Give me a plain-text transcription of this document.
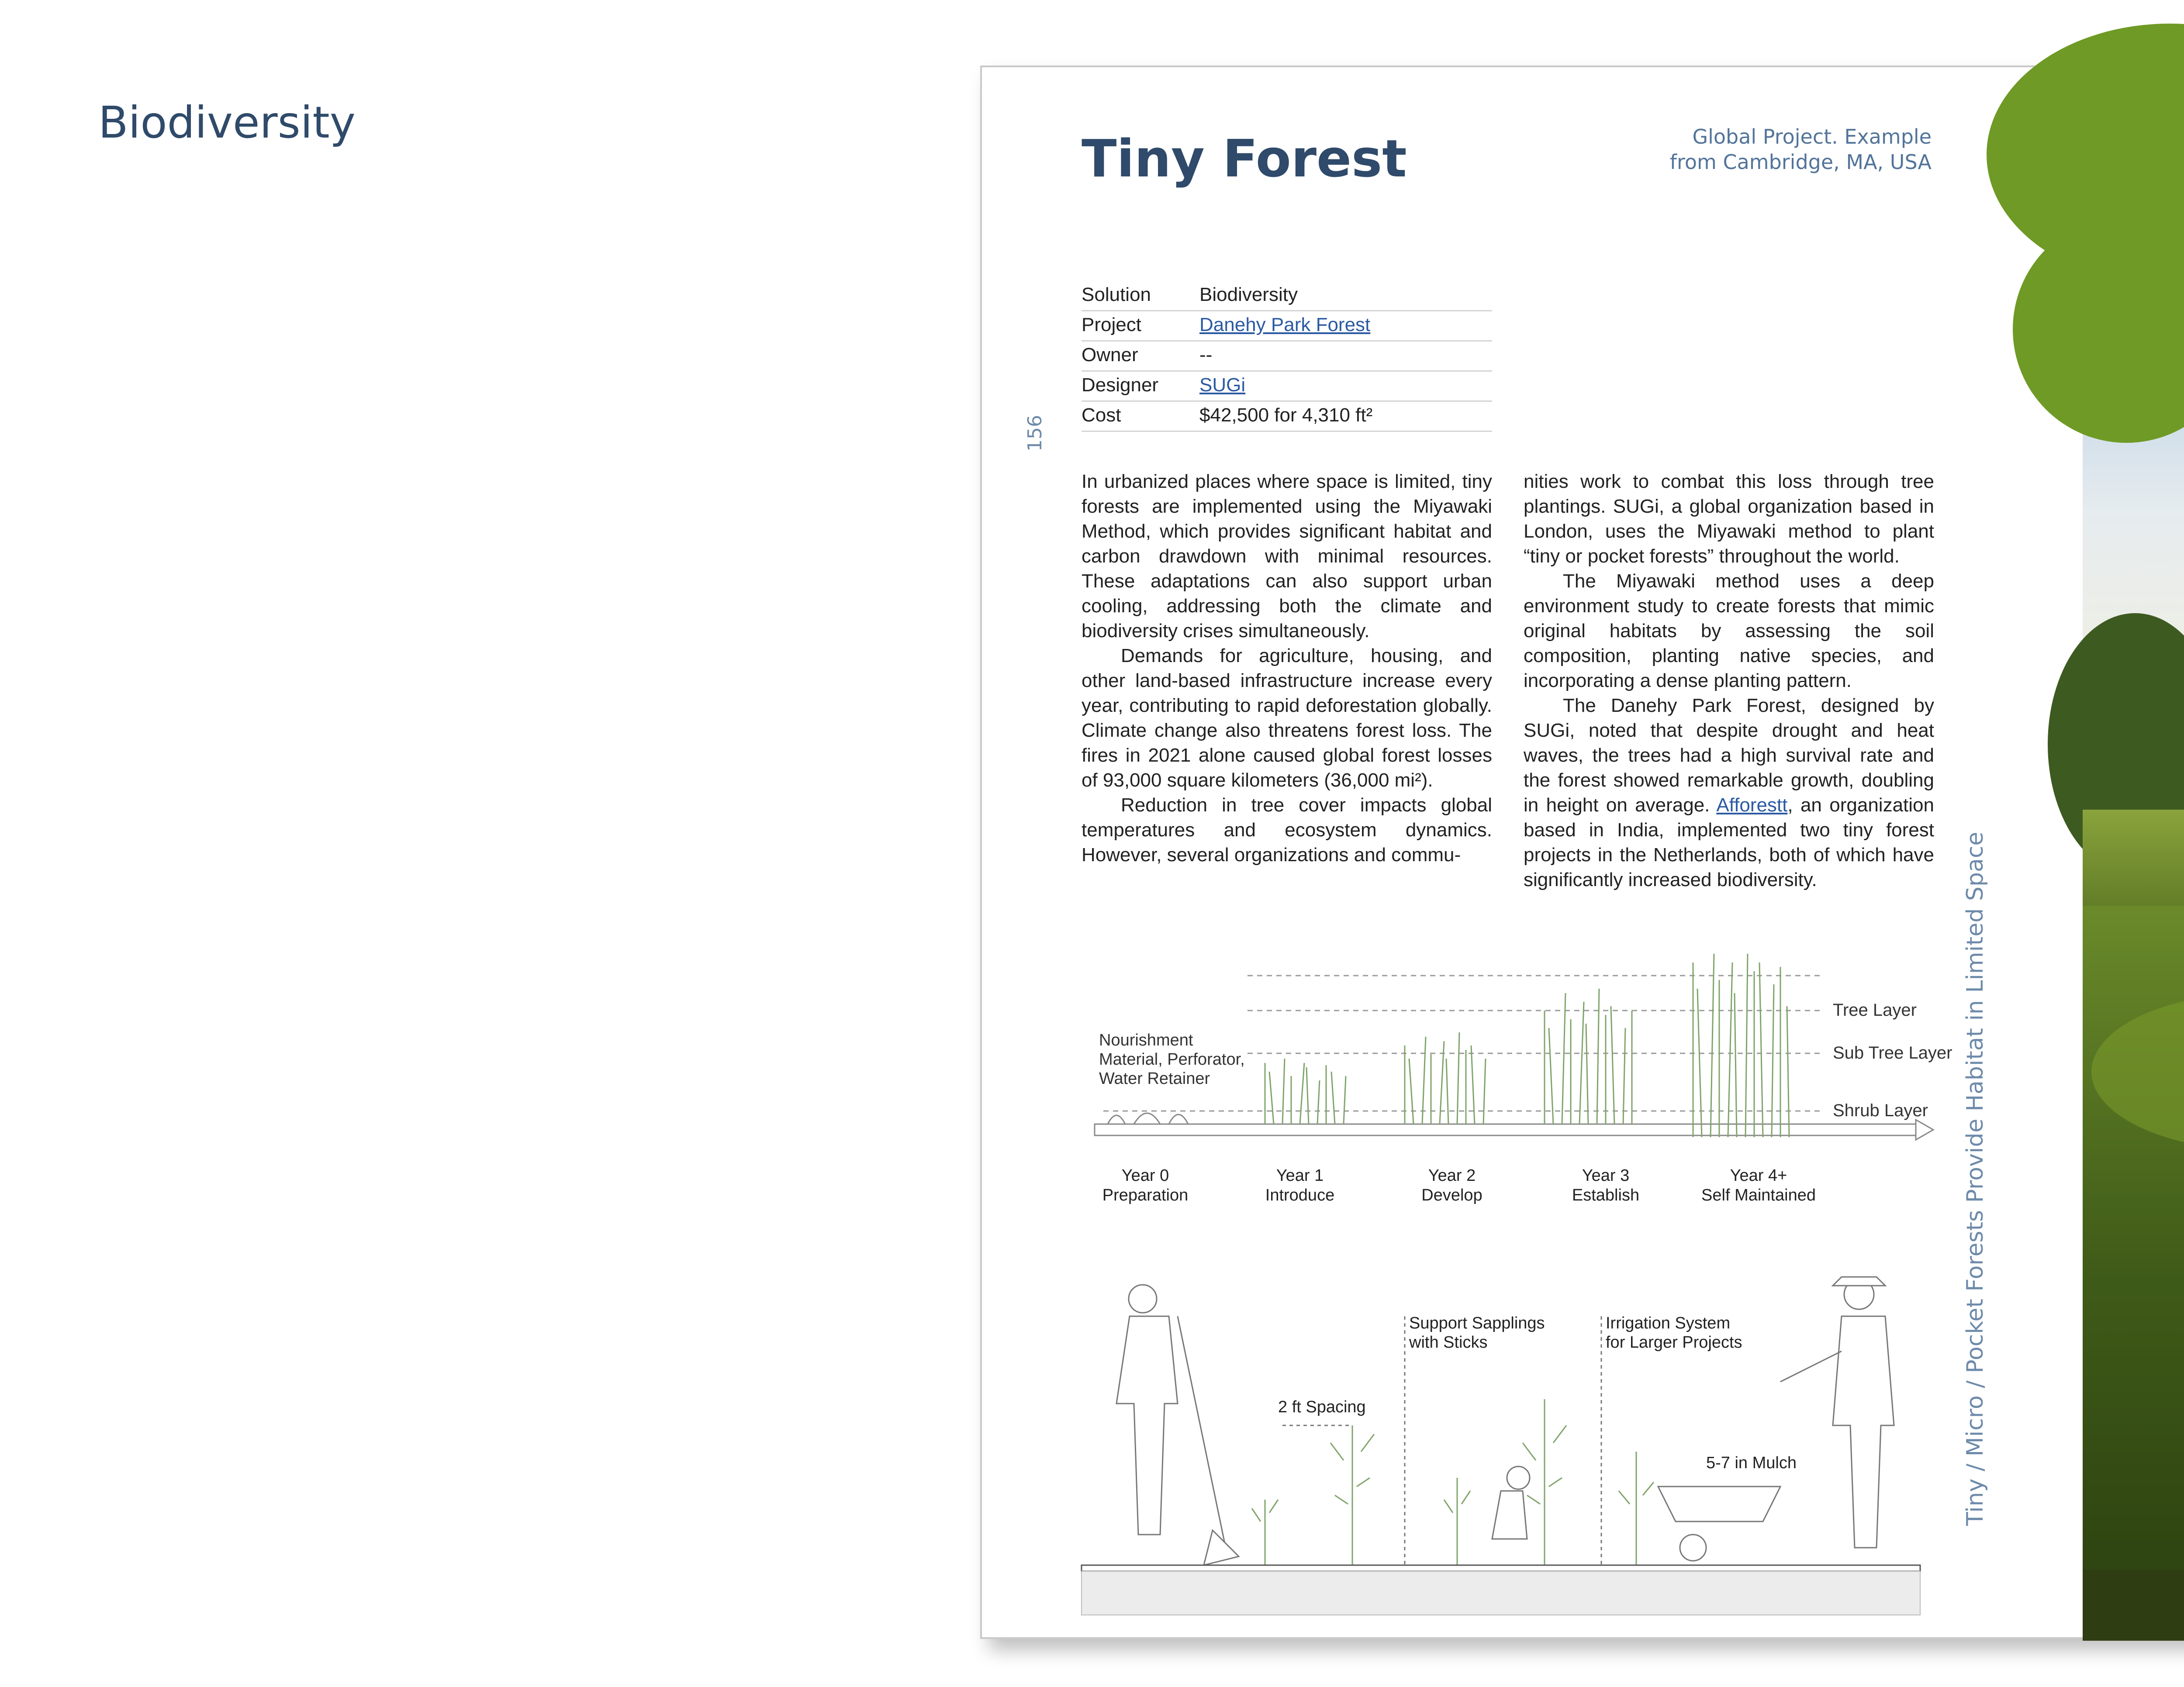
Biodiversity
Tiny Forest	Global Project. Example
from Cambridge, MA, USA
Solution	Biodiversity
Project	Danehy Park Forest
Owner	--
Designer	SUGi
Cost	$42,500 for 4,310 ft²
156

In urbanized places where space is limited, tiny forests are implemented using the Miyawaki Method, which provides significant habitat and carbon drawdown with minimal resources. These adaptations can also support urban cooling, addressing both the climate and biodiversity crises simultaneously.

Demands for agriculture, housing, and other land-based infrastructure increase every year, contributing to rapid deforestation globally. Climate change also threatens forest loss. The fires in 2021 alone caused global forest losses of 93,000 square kilometers (36,000 mi²).

Reduction in tree cover impacts global temperatures and ecosystem dynamics. However, several organizations and commu-

nities work to combat this loss through tree plantings. SUGi, a global organization based in London, uses the Miyawaki method to plant “tiny or pocket forests” throughout the world.

The Miyawaki method uses a deep environment study to create forests that mimic original habitats by assessing the soil composition, planting native species, and incorporating a dense planting pattern.

The Danehy Park Forest, designed by SUGi, noted that despite drought and heat waves, the trees had a high survival rate and the forest showed remarkable growth, doubling in height on average. Afforestt, an organization based in India, implemented two tiny forest projects in the Netherlands, both of which have significantly increased biodiversity.

Tree Layer
Sub Tree Layer
Shrub Layer
Nourishment
Material, Perforator,
Water Retainer
Year 0
Preparation
Year 1
Introduce
Year 2
Develop
Year 3
Establish
Year 4+
Self Maintained
Support Sapplings
with Sticks
Irrigation System
for Larger Projects
2 ft Spacing
5-7 in Mulch	Tiny / Micro / Pocket Forests Provide Habitat in Limited Space
